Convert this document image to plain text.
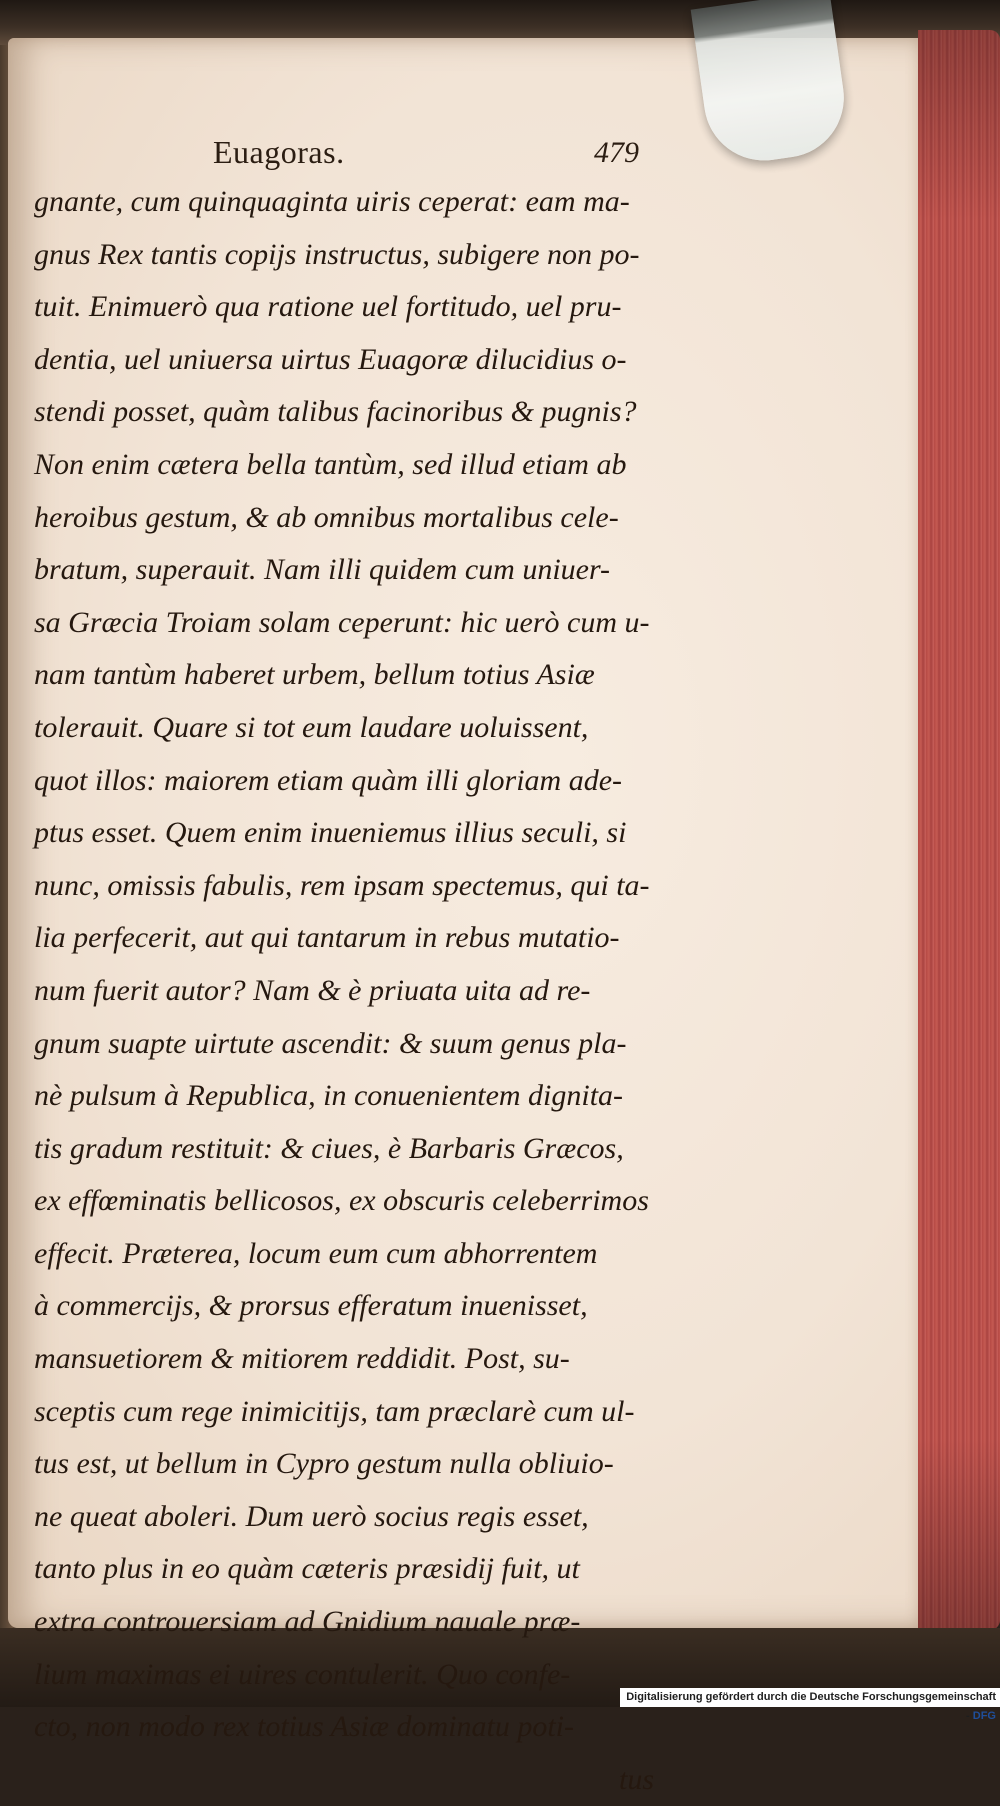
Euagoras.	479
gnante, cum quinquaginta uiris ceperat: eam ma-
gnus Rex tantis copijs instructus, subigere non po-
tuit. Enimuerò qua ratione uel fortitudo, uel pru-
dentia, uel uniuersa uirtus Euagoræ dilucidius o-
stendi posset, quàm talibus facinoribus & pugnis?
Non enim cætera bella tantùm, sed illud etiam ab
heroibus gestum, & ab omnibus mortalibus cele-
bratum, superauit. Nam illi quidem cum uniuer-
sa Græcia Troiam solam ceperunt: hic uerò cum u-
nam tantùm haberet urbem, bellum totius Asiæ
tolerauit. Quare si tot eum laudare uoluissent,
quot illos: maiorem etiam quàm illi gloriam ade-
ptus esset. Quem enim inueniemus illius seculi, si
nunc, omissis fabulis, rem ipsam spectemus, qui ta-
lia perfecerit, aut qui tantarum in rebus mutatio-
num fuerit autor? Nam & è priuata uita ad re-
gnum suapte uirtute ascendit: & suum genus pla-
nè pulsum à Republica, in conuenientem dignita-
tis gradum restituit: & ciues, è Barbaris Græcos,
ex effœminatis bellicosos, ex obscuris celeberrimos
effecit. Præterea, locum eum cum abhorrentem
à commercijs, & prorsus efferatum inuenisset,
mansuetiorem & mitiorem reddidit. Post, su-
sceptis cum rege inimicitijs, tam præclarè cum ul-
tus est, ut bellum in Cypro gestum nulla obliuio-
ne queat aboleri. Dum uerò socius regis esset,
tanto plus in eo quàm cæteris præsidij fuit, ut
extra controuersiam ad Gnidium nauale præ-
lium maximas ei uires contulerit. Quo confe-
cto, non modo rex totius Asiæ dominatu poti-
tus
Digitalisierung gefördert durch die Deutsche Forschungsgemeinschaft - DFG
